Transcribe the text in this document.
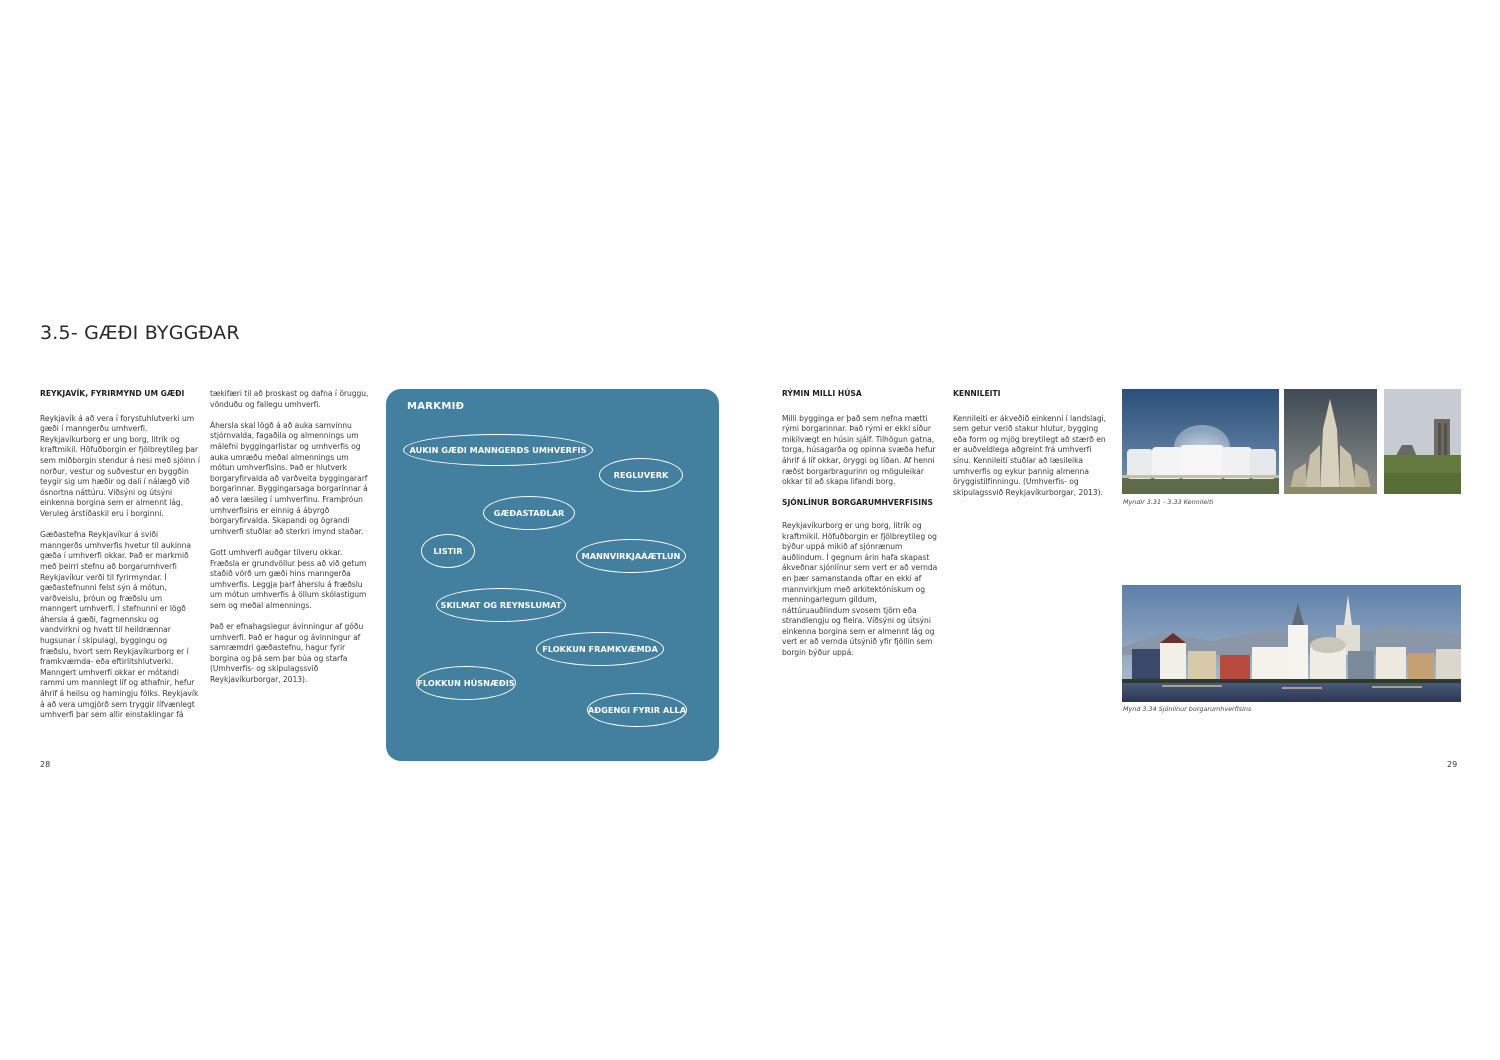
3.5- GÆÐI BYGGÐAR
REYKJAVÍK, FYRIRMYND UM GÆÐI

Reykjavík á að vera í forystuhlutverki um gæði í manngerðu umhverfi. Reykjavíkurborg er ung borg, litrík og kraftmikil. Höfuðborgin er fjölbreytileg þar sem miðborgin stendur á nesi með sjóinn í norður, vestur og suðvestur en byggðin teygir sig um hæðir og dali í nálægð við ósnortna náttúru. Víðsýni og útsýni einkenna borgina sem er almennt lág. Veruleg árstíðaskil eru í borginni.

Gæðastefna Reykjavíkur á sviði manngerðs umhverfis hvetur til aukinna gæða í umhverfi okkar. Það er markmið með þeirri stefnu að borgarumhverfi Reykjavíkur verði til fyrirmyndar. Í gæðastefnunni felst sýn á mótun, varðveislu, þróun og fræðslu um manngert umhverfi. Í stefnunni er lögð áhersla á gæði, fagmennsku og vandvirkni og hvatt til heildrænnar hugsunar í skipulagi, byggingu og fræðslu, hvort sem Reykjavíkurborg er í framkvæmda- eða eftirlitshlutverki. Manngert umhverfi okkar er mótandi rammi um mannlegt líf og athafnir, hefur áhrif á heilsu og hamingju fólks. Reykjavík á að vera umgjörð sem tryggir lífvænlegt umhverfi þar sem allir einstaklingar fá

28

tækifæri til að þroskast og dafna í öruggu, vönduðu og fallegu umhverfi.

Áhersla skal lögð á að auka samvinnu stjórnvalda, fagaðila og almennings um málefni byggingarlistar og umhverfis og auka umræðu meðal almennings um mótun umhverfisins. Það er hlutverk borgaryfirvalda að varðveita byggingararf borgarinnar. Byggingarsaga borgarinnar á að vera læsileg í umhverfinu. Framþróun umhverfisins er einnig á ábyrgð borgaryfirvalda. Skapandi og ögrandi umhverfi stuðlar að sterkri ímynd staðar.

Gott umhverfi auðgar tilveru okkar. Fræðsla er grundvöllur þess að við getum staðið vörð um gæði hins manngerða umhverfis. Leggja þarf áherslu á fræðslu um mótun umhverfis á öllum skólastigum sem og meðal almennings.

Það er efnahagslegur ávinningur af góðu umhverfi. Það er hagur og ávinningur af samræmdri gæðastefnu, hagur fyrir borgina og þá sem þar búa og starfa (Umhverfis- og skipulagssvið Reykjavíkurborgar, 2013).

MARKMIÐ
AUKIN GÆÐI MANNGERÐS UMHVERFIS
REGLUVERK
GÆÐASTAÐLAR
LISTIR	MANNVIRKJAÁÆTLUN
SKILMAT OG REYNSLUMAT
FLOKKUN FRAMKVÆMDA
FLOKKUN HÚSNÆÐIS
AÐGENGI FYRIR ALLA
RÝMIN MILLI HÚSA

Milli bygginga er það sem nefna mætti rými borgarinnar. Það rými er ekki síður mikilvægt en húsin sjálf. Tilhögun gatna, torga, húsagarða og opinna svæða hefur áhrif á líf okkar, öryggi og líðan. Af henni ræðst borgarbragurinn og möguleikar okkar til að skapa lifandi borg.

SJÓNLÍNUR BORGARUMHVERFISINS

Reykjavíkurborg er ung borg, litrík og kraftmikil. Höfuðborgin er fjölbreytileg og býður uppá mikið af sjónrænum auðlindum. Í gegnum árin hafa skapast ákveðnar sjónlínur sem vert er að vernda en þær samanstanda oftar en ekki af mannvirkjum með arkitektónískum og menningarlegum gildum, náttúruauðlindum svosem tjörn eða strandlengju og fleira. Víðsýni og útsýni einkenna borgina sem er almennt lág og vert er að vernda útsýnið yfir fjöllin sem borgin býður uppá.

KENNILEITI

Kennileiti er ákveðið einkenni í landslagi, sem getur verið stakur hlutur, bygging eða form og mjög breytilegt að stærð en er auðveldlega aðgreint frá umhverfi sínu. Kennileiti stuðlar að læsileika umhverfis og eykur þannig almenna öryggistilfinningu. (Umhverfis- og skipulagssvið Reykjavíkurborgar, 2013).

Myndir 3.31 - 3.33 Kennileiti
Mynd 3.34 Sjónlínur borgarumhverfisins
29
